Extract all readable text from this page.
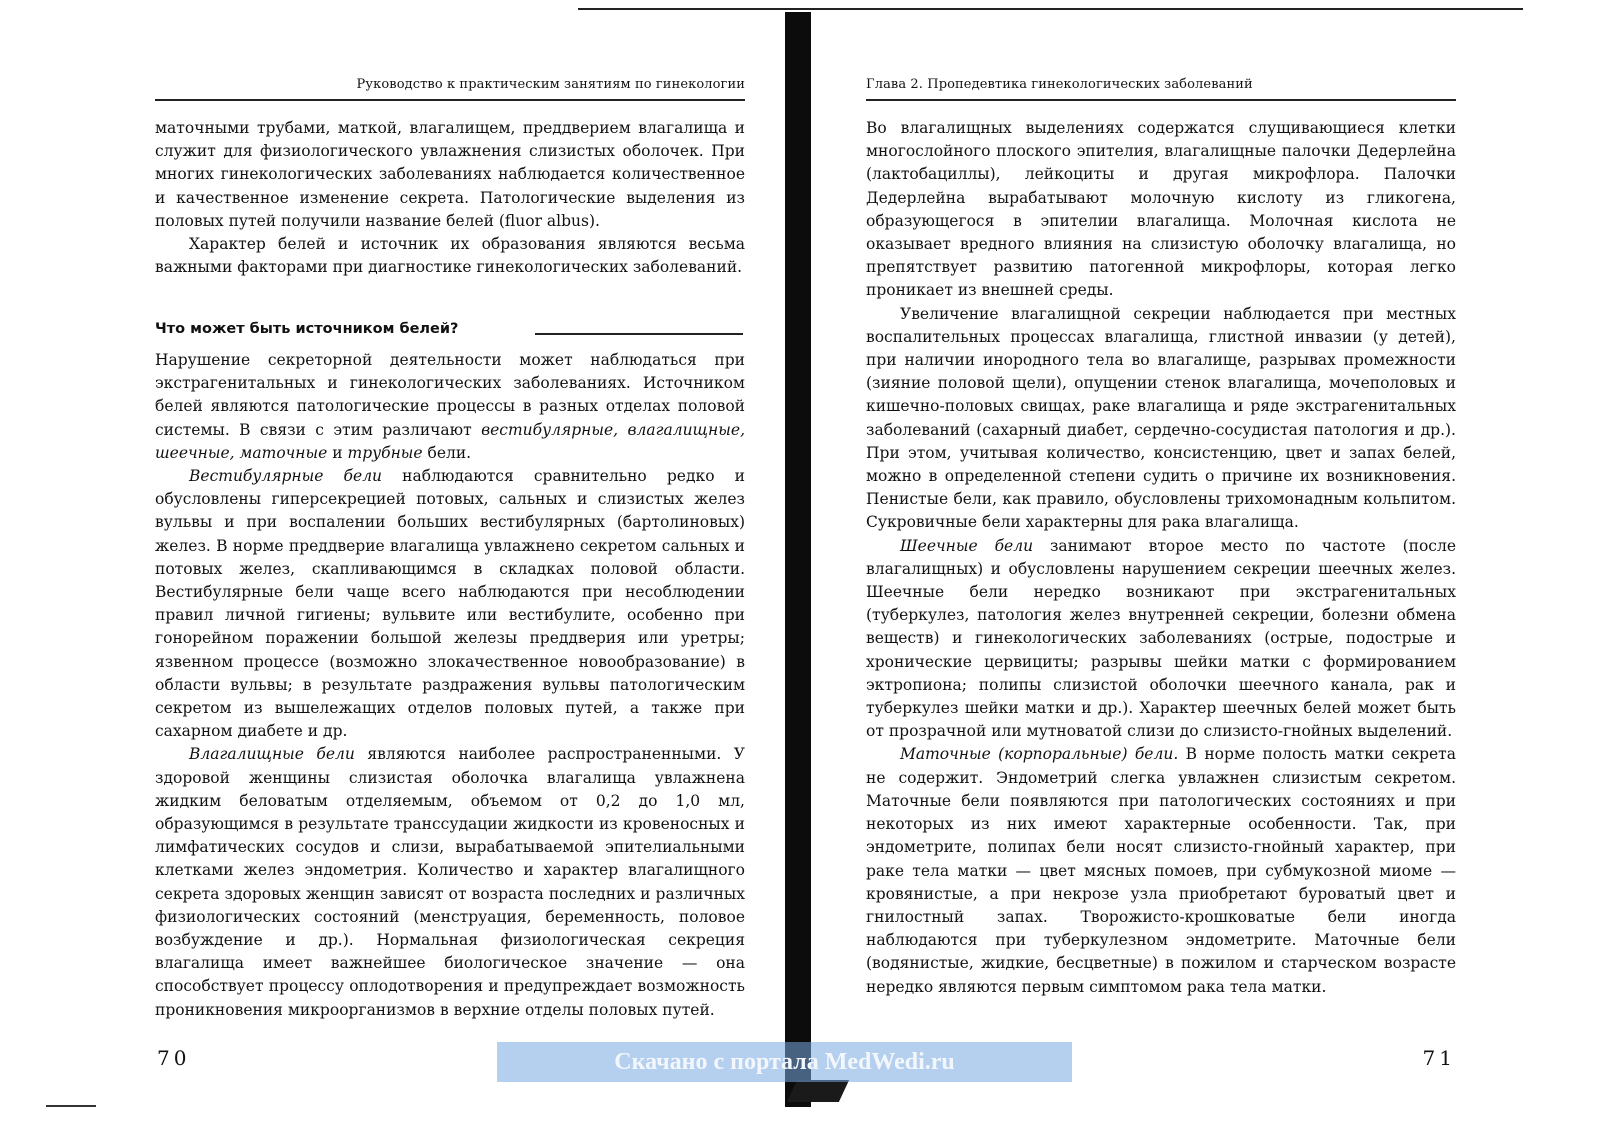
Руководство к практическим занятиям по гинекологии

маточными трубами, маткой, влагалищем, преддверием влагалища и служит для физиологического увлажнения слизистых оболочек. При многих гинекологических заболеваниях наблюдается количественное и качественное изменение секрета. Патологические выделения из половых путей получили название белей (fluor albus).

Характер белей и источник их образования являются весьма важными факторами при диагностике гинекологических заболеваний.

Что может быть источником белей?

Нарушение секреторной деятельности может наблюдаться при экстрагенитальных и гинекологических заболеваниях. Источником белей являются патологические процессы в разных отделах половой системы. В связи с этим различают вестибулярные, влагалищные, шеечные, маточные и трубные бели.

Вестибулярные бели наблюдаются сравнительно редко и обусловлены гиперсекрецией потовых, сальных и слизистых желез вульвы и при воспалении больших вестибулярных (бартолиновых) желез. В норме преддверие влагалища увлажнено секретом сальных и потовых желез, скапливающимся в складках половой области. Вестибулярные бели чаще всего наблюдаются при несоблюдении правил личной гигиены; вульвите или вестибулите, особенно при гонорейном поражении большой железы преддверия или уретры; язвенном процессе (возможно злокачественное новообразование) в области вульвы; в результате раздражения вульвы патологическим секретом из вышележащих отделов половых путей, а также при сахарном диабете и др.

Влагалищные бели являются наиболее распространенными. У здоровой женщины слизистая оболочка влагалища увлажнена жидким беловатым отделяемым, объемом от 0,2 до 1,0 мл, образующимся в результате транссудации жидкости из кровеносных и лимфатических сосудов и слизи, вырабатываемой эпителиальными клетками желез эндометрия. Количество и характер влагалищного секрета здоровых женщин зависят от возраста последних и различных физиологических состояний (менструация, беременность, половое возбуждение и др.). Нормальная физиологическая секреция влагалища имеет важнейшее биологическое значение — она способствует процессу оплодотворения и предупреждает возможность проникновения микроорганизмов в верхние отделы половых путей.

70
Глава 2. Пропедевтика гинекологических заболеваний

Во влагалищных выделениях содержатся слущивающиеся клетки многослойного плоского эпителия, влагалищные палочки Дедерлейна (лактобациллы), лейкоциты и другая микрофлора. Палочки Дедерлейна вырабатывают молочную кислоту из гликогена, образующегося в эпителии влагалища. Молочная кислота не оказывает вредного влияния на слизистую оболочку влагалища, но препятствует развитию патогенной микрофлоры, которая легко проникает из внешней среды.

Увеличение влагалищной секреции наблюдается при местных воспалительных процессах влагалища, глистной инвазии (у детей), при наличии инородного тела во влагалище, разрывах промежности (зияние половой щели), опущении стенок влагалища, мочеполовых и кишечно-половых свищах, раке влагалища и ряде экстрагенитальных заболеваний (сахарный диабет, сердечно-сосудистая патология и др.). При этом, учитывая количество, консистенцию, цвет и запах белей, можно в определенной степени судить о причине их возникновения. Пенистые бели, как правило, обусловлены трихомонадным кольпитом. Сукровичные бели характерны для рака влагалища.

Шеечные бели занимают второе место по частоте (после влагалищных) и обусловлены нарушением секреции шеечных желез. Шеечные бели нередко возникают при экстрагенитальных (туберкулез, патология желез внутренней секреции, болезни обмена веществ) и гинекологических заболеваниях (острые, подострые и хронические цервициты; разрывы шейки матки с формированием эктропиона; полипы слизистой оболочки шеечного канала, рак и туберкулез шейки матки и др.). Характер шеечных белей может быть от прозрачной или мутноватой слизи до слизисто-гнойных выделений.

Маточные (корпоральные) бели. В норме полость матки секрета не содержит. Эндометрий слегка увлажнен слизистым секретом. Маточные бели появляются при патологических состояниях и при некоторых из них имеют характерные особенности. Так, при эндометрите, полипах бели носят слизисто-гнойный характер, при раке тела матки — цвет мясных помоев, при субмукозной миоме — кровянистые, а при некрозе узла приобретают буроватый цвет и гнилостный запах. Творожисто-крошковатые бели иногда наблюдаются при туберкулезном эндометрите. Маточные бели (водянистые, жидкие, бесцветные) в пожилом и старческом возрасте нередко являются первым симптомом рака тела матки.

71
Скачано с портала MedWedi.ru
